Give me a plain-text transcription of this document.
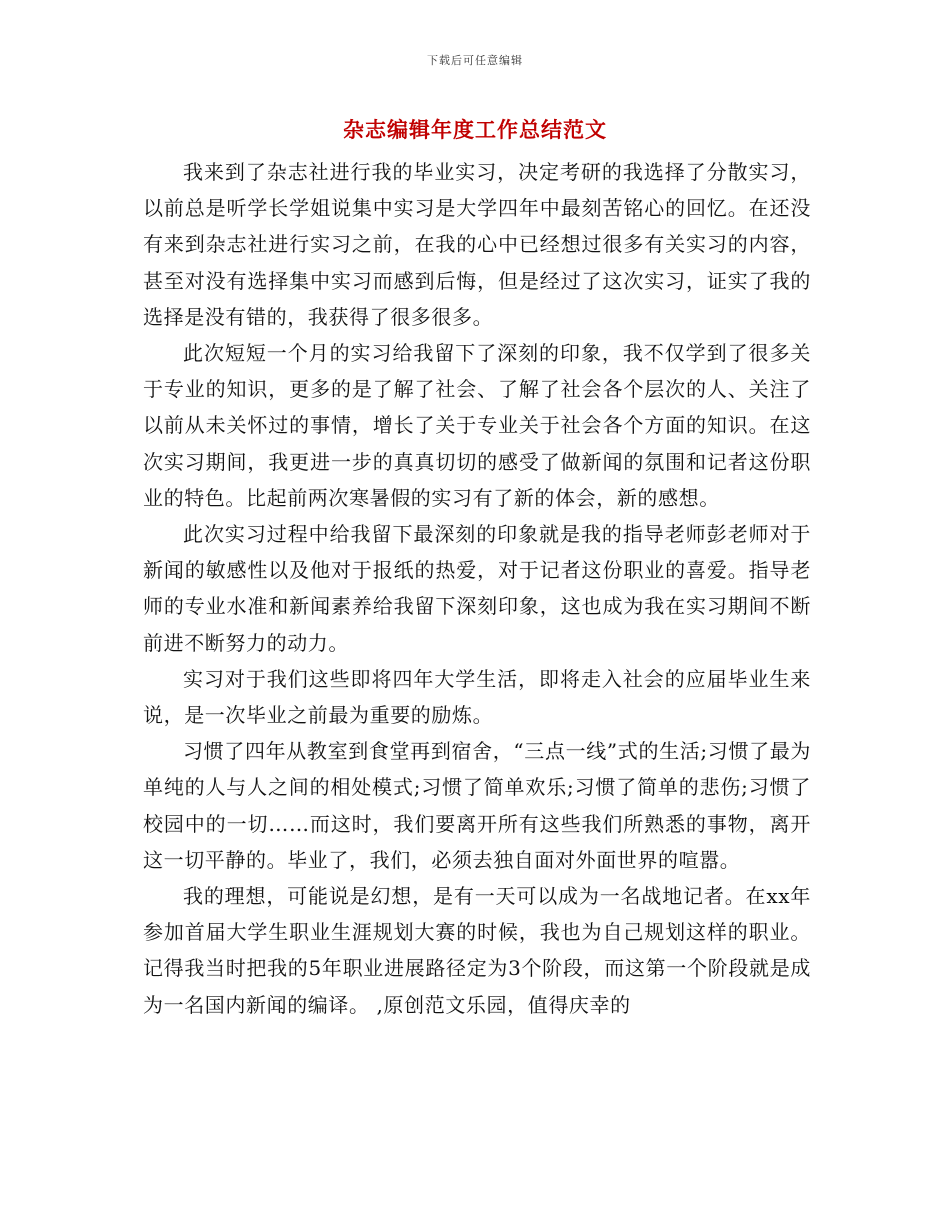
下载后可任意编辑
杂志编辑年度工作总结范文

我来到了杂志社进行我的毕业实习，决定考研的我选择了分散实习，以前总是听学长学姐说集中实习是大学四年中最刻苦铭心的回忆。在还没有来到杂志社进行实习之前，在我的心中已经想过很多有关实习的内容，甚至对没有选择集中实习而感到后悔，但是经过了这次实习，证实了我的选择是没有错的，我获得了很多很多。

此次短短一个月的实习给我留下了深刻的印象，我不仅学到了很多关于专业的知识，更多的是了解了社会、了解了社会各个层次的人、关注了以前从未关怀过的事情，增长了关于专业关于社会各个方面的知识。在这次实习期间，我更进一步的真真切切的感受了做新闻的氛围和记者这份职业的特色。比起前两次寒暑假的实习有了新的体会，新的感想。

此次实习过程中给我留下最深刻的印象就是我的指导老师彭老师对于新闻的敏感性以及他对于报纸的热爱，对于记者这份职业的喜爱。指导老师的专业水准和新闻素养给我留下深刻印象，这也成为我在实习期间不断前进不断努力的动力。

实习对于我们这些即将四年大学生活，即将走入社会的应届毕业生来说，是一次毕业之前最为重要的励炼。

习惯了四年从教室到食堂再到宿舍，“三点一线”式的生活;习惯了最为单纯的人与人之间的相处模式;习惯了简单欢乐;习惯了简单的悲伤;习惯了校园中的一切……而这时，我们要离开所有这些我们所熟悉的事物，离开这一切平静的。毕业了，我们，必须去独自面对外面世界的喧嚣。

我的理想，可能说是幻想，是有一天可以成为一名战地记者。在xx年参加首届大学生职业生涯规划大赛的时候，我也为自己规划这样的职业。记得我当时把我的5年职业进展路径定为3个阶段，而这第一个阶段就是成为一名国内新闻的编译。 ,原创范文乐园，值得庆幸的
